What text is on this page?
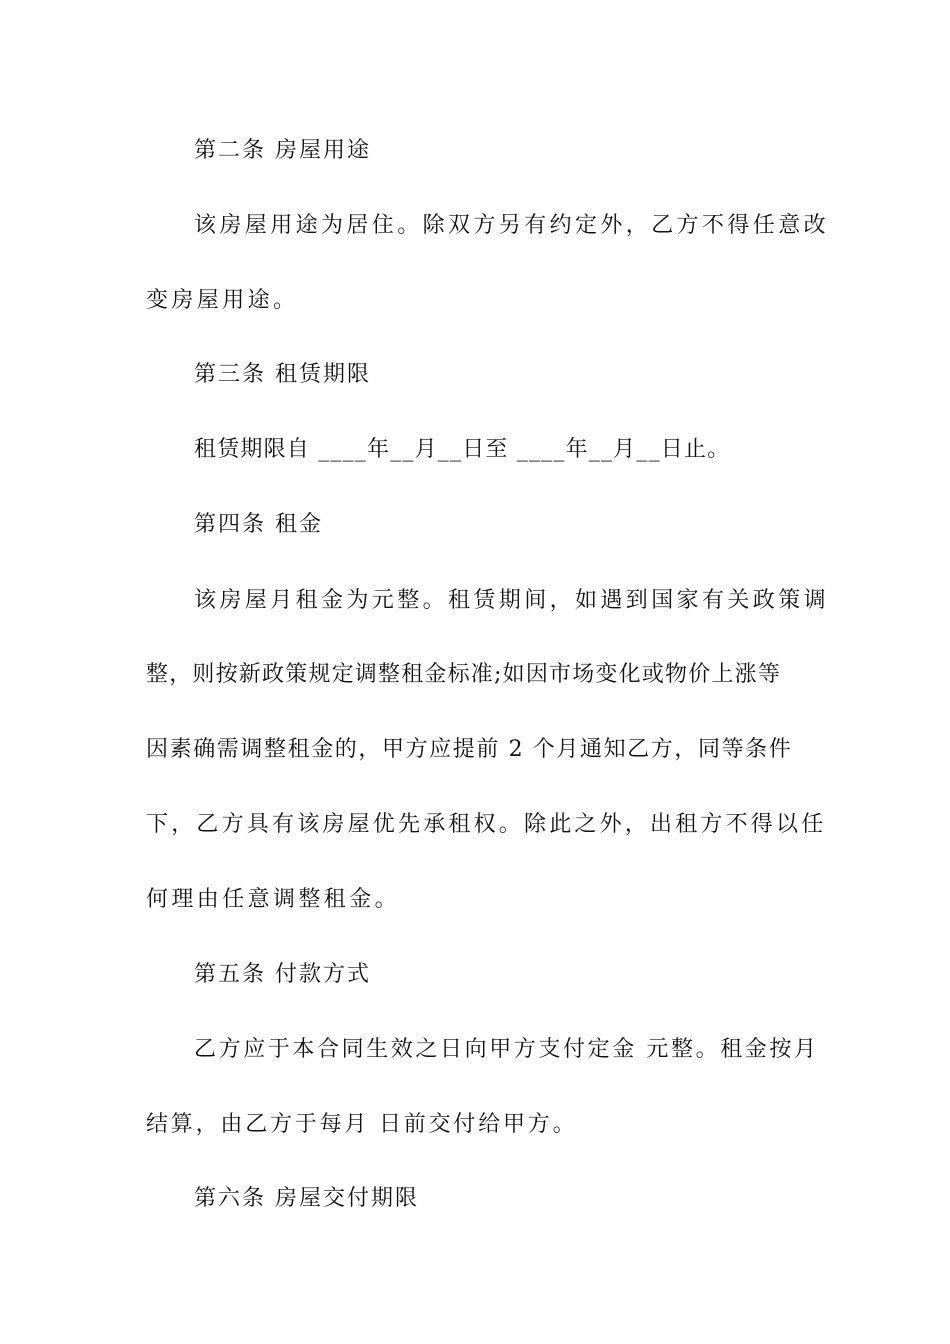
第二条 房屋用途

该房屋用途为居住。除双方另有约定外，乙方不得任意改

变房屋用途。

第三条 租赁期限

租赁期限自 ____年__月__日至 ____年__月__日止。

第四条 租金

该房屋月租金为元整。租赁期间，如遇到国家有关政策调

整，则按新政策规定调整租金标准;如因市场变化或物价上涨等

因素确需调整租金的，甲方应提前 2 个月通知乙方，同等条件

下，乙方具有该房屋优先承租权。除此之外，出租方不得以任

何理由任意调整租金。

第五条 付款方式

乙方应于本合同生效之日向甲方支付定金 元整。租金按月

结算，由乙方于每月 日前交付给甲方。

第六条 房屋交付期限
